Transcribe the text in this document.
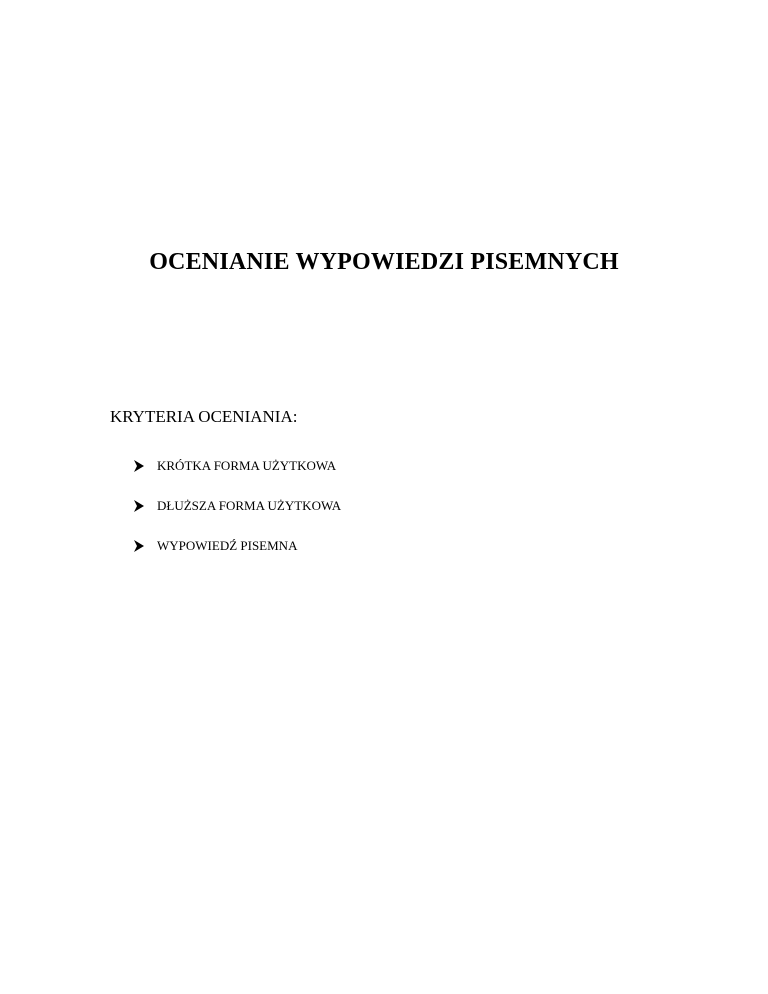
OCENIANIE WYPOWIEDZI PISEMNYCH

KRYTERIA OCENIANIA:

KRÓTKA FORMA UŻYTKOWA
DŁUŻSZA FORMA UŻYTKOWA
WYPOWIEDŹ PISEMNA
